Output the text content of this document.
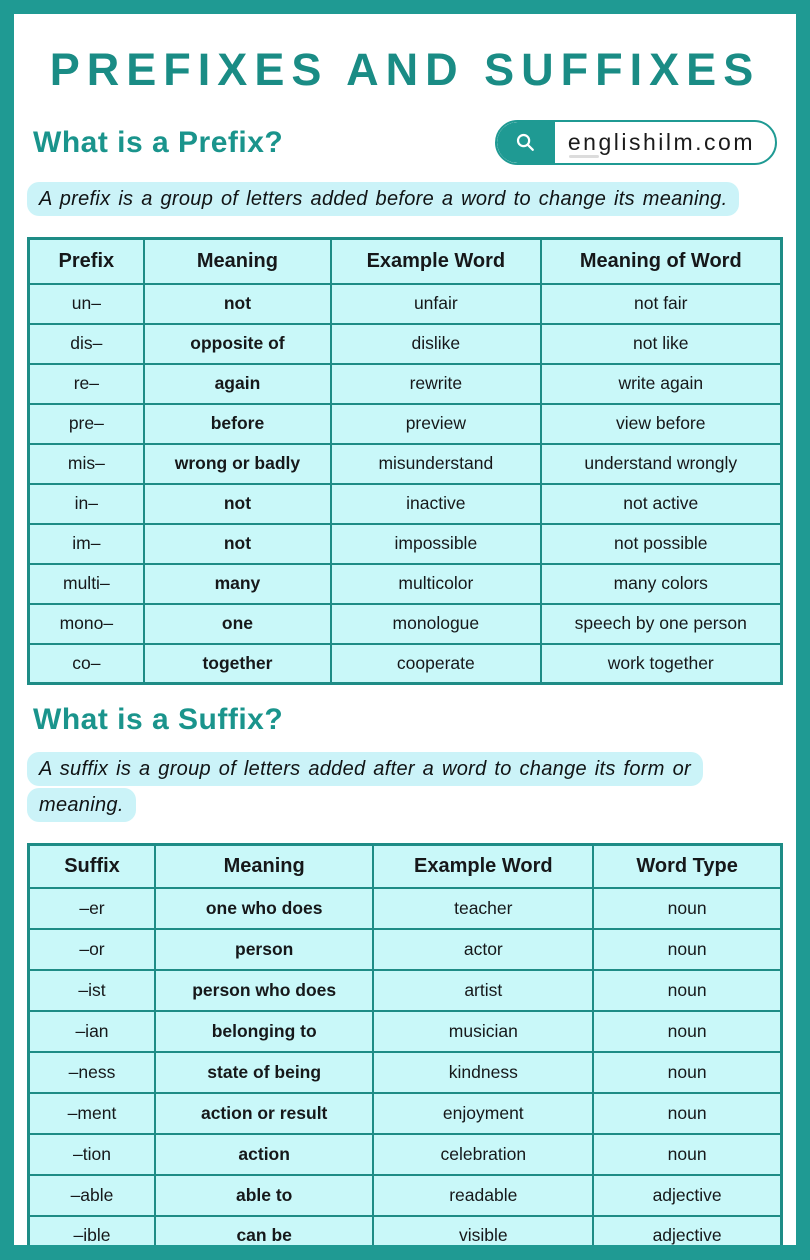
PREFIXES AND SUFFIXES
What is a Prefix?	englishilm.com

A prefix is a group of letters added before a word to change its meaning.

Prefix	Meaning	Example Word	Meaning of Word
un–	not	unfair	not fair
dis–	opposite of	dislike	not like
re–	again	rewrite	write again
pre–	before	preview	view before
mis–	wrong or badly	misunderstand	understand wrongly
in–	not	inactive	not active
im–	not	impossible	not possible
multi–	many	multicolor	many colors
mono–	one	monologue	speech by one person
co–	together	cooperate	work together
What is a Suffix?

A suffix is a group of letters added after a word to change its form or meaning.

Suffix	Meaning	Example Word	Word Type
–er	one who does	teacher	noun
–or	person	actor	noun
–ist	person who does	artist	noun
–ian	belonging to	musician	noun
–ness	state of being	kindness	noun
–ment	action or result	enjoyment	noun
–tion	action	celebration	noun
–able	able to	readable	adjective
–ible	can be	visible	adjective
